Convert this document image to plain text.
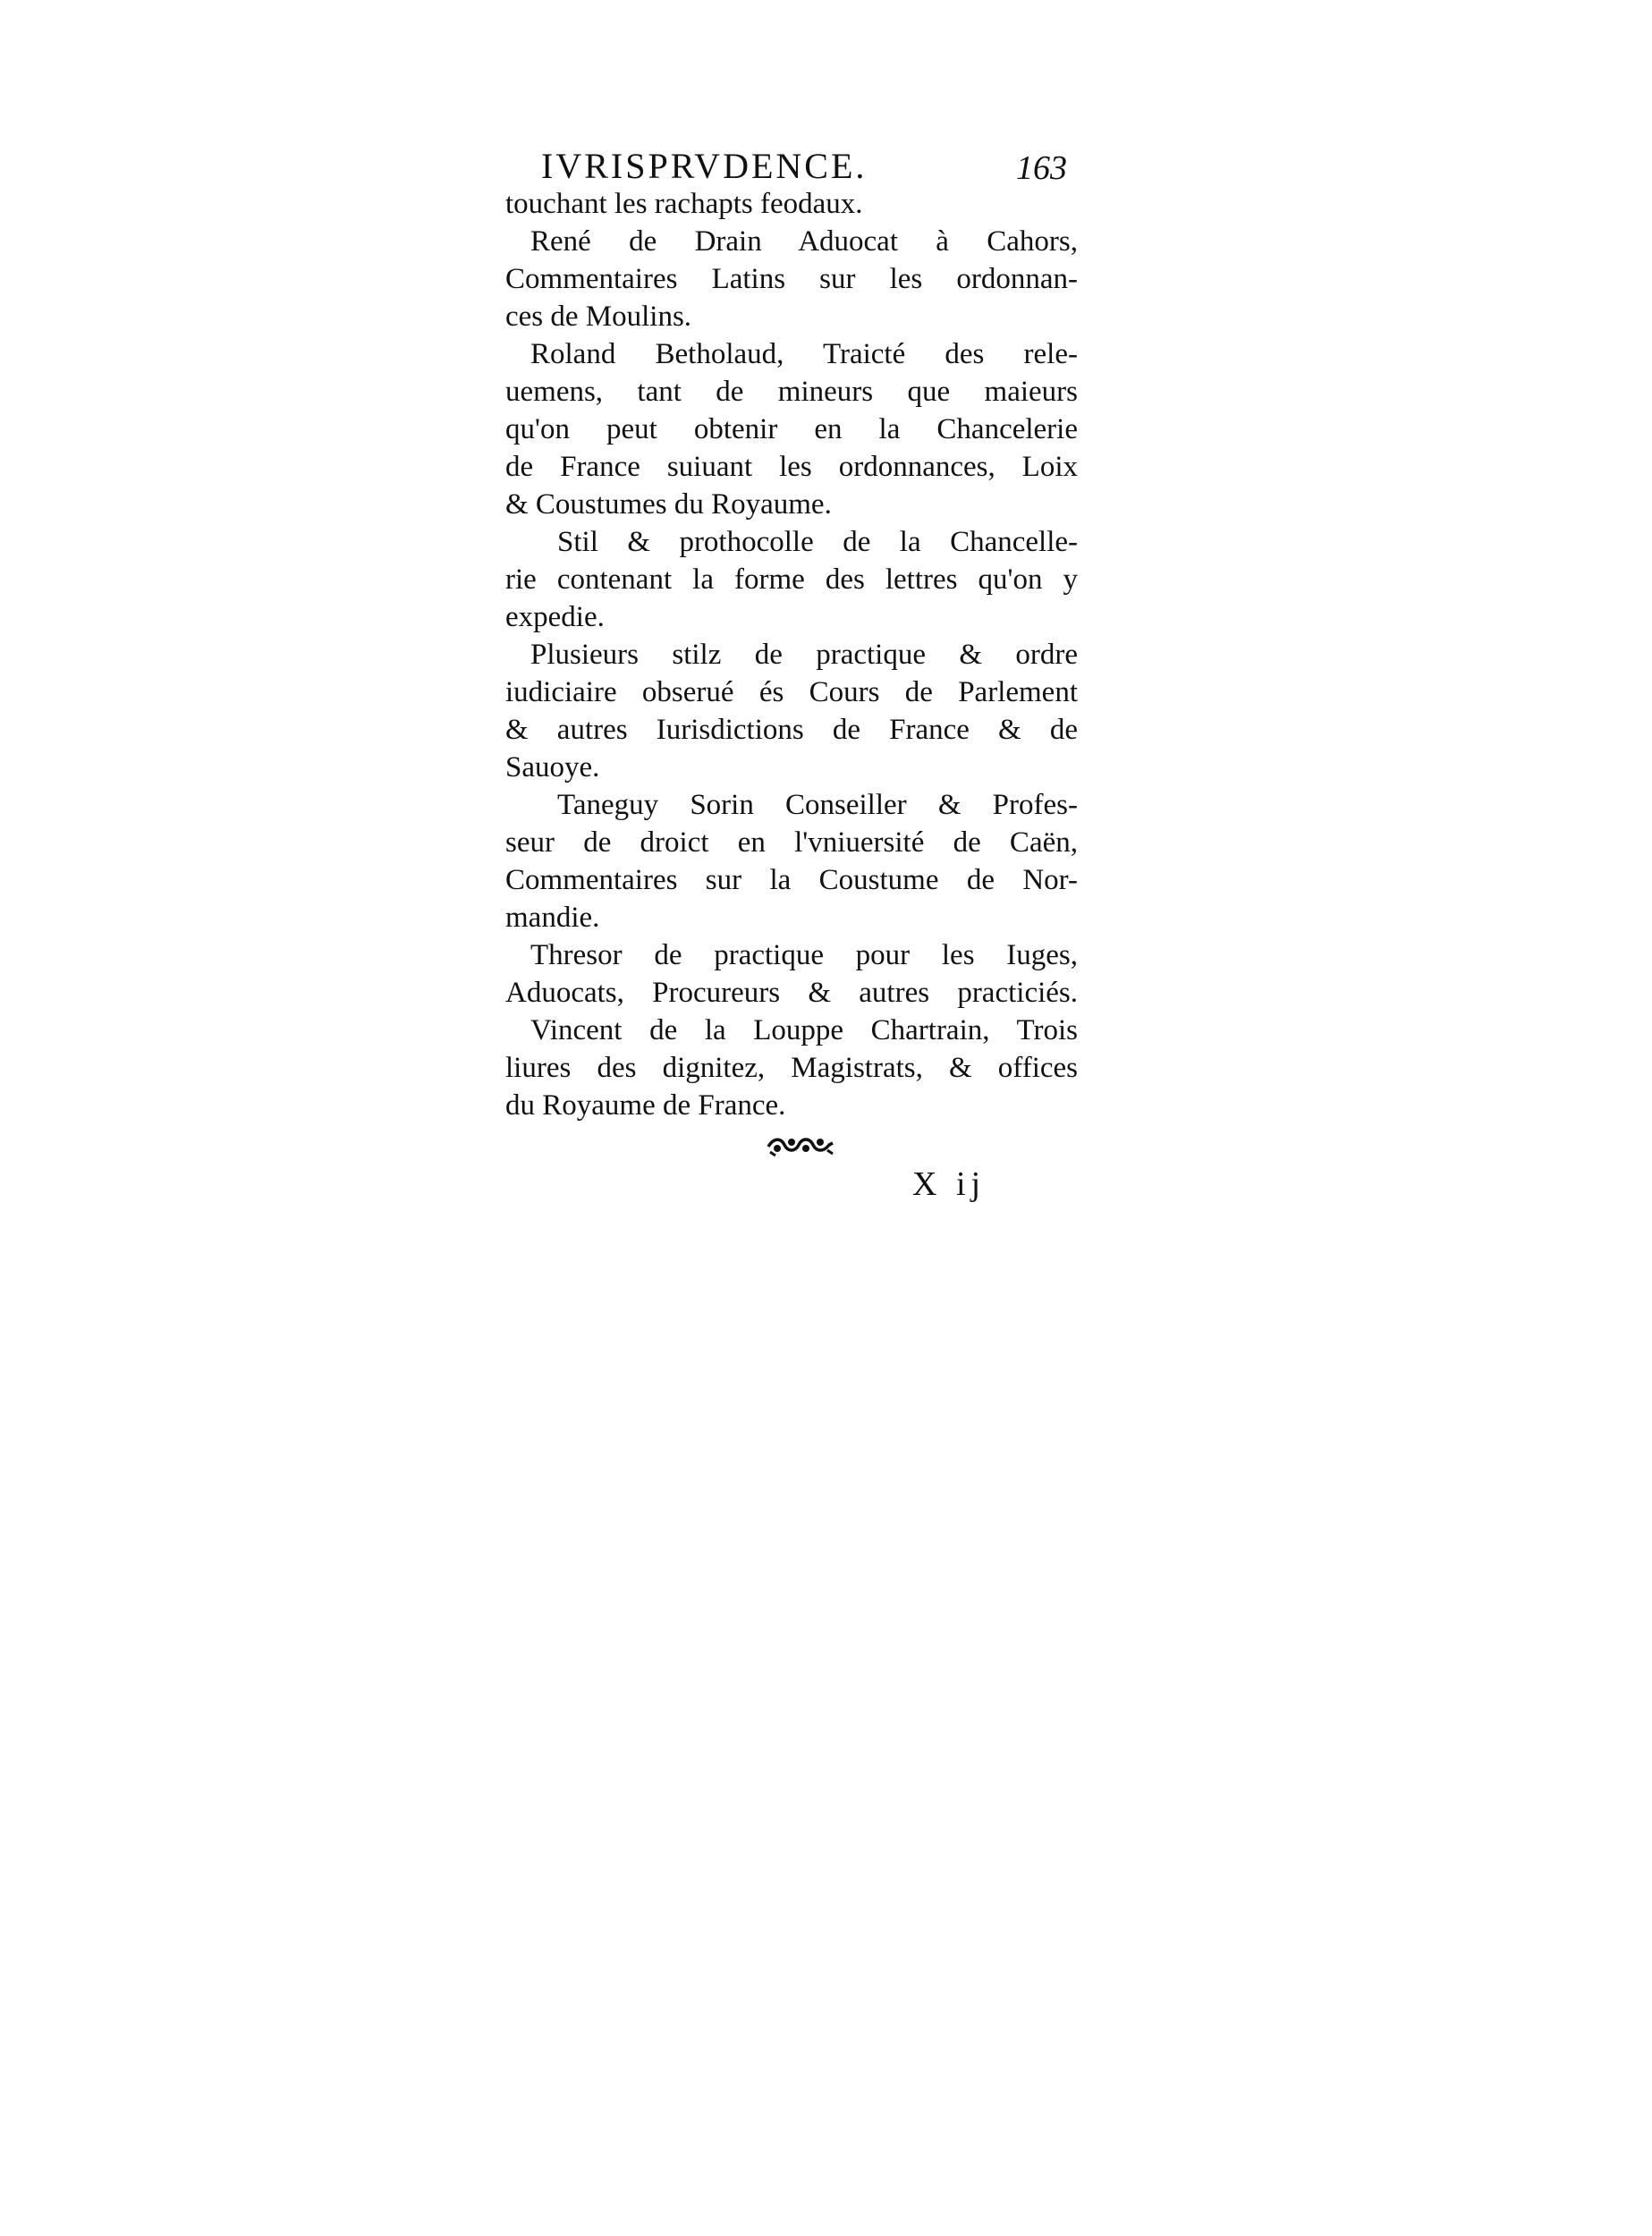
IVRISPRVDENCE.	163
touchant les rachapts feodaux.
René de Drain Aduocat à Cahors,
Commentaires Latins sur les ordonnan-
ces de Moulins.
Roland Betholaud, Traicté des rele-
uemens, tant de mineurs que maieurs
qu'on peut obtenir en la Chancelerie
de France suiuant les ordonnances, Loix
& Coustumes du Royaume.
Stil & prothocolle de la Chancelle-
rie contenant la forme des lettres qu'on y
expedie.
Plusieurs stilz de practique & ordre
iudiciaire obserué és Cours de Parlement
& autres Iurisdictions de France & de
Sauoye.
Taneguy Sorin Conseiller & Profes-
seur de droict en l'vniuersité de Caën,
Commentaires sur la Coustume de Nor-
mandie.
Thresor de practique pour les Iuges,
Aduocats, Procureurs & autres practiciés.
Vincent de la Louppe Chartrain, Trois
liures des dignitez, Magistrats, & offices
du Royaume de France.
X ij
